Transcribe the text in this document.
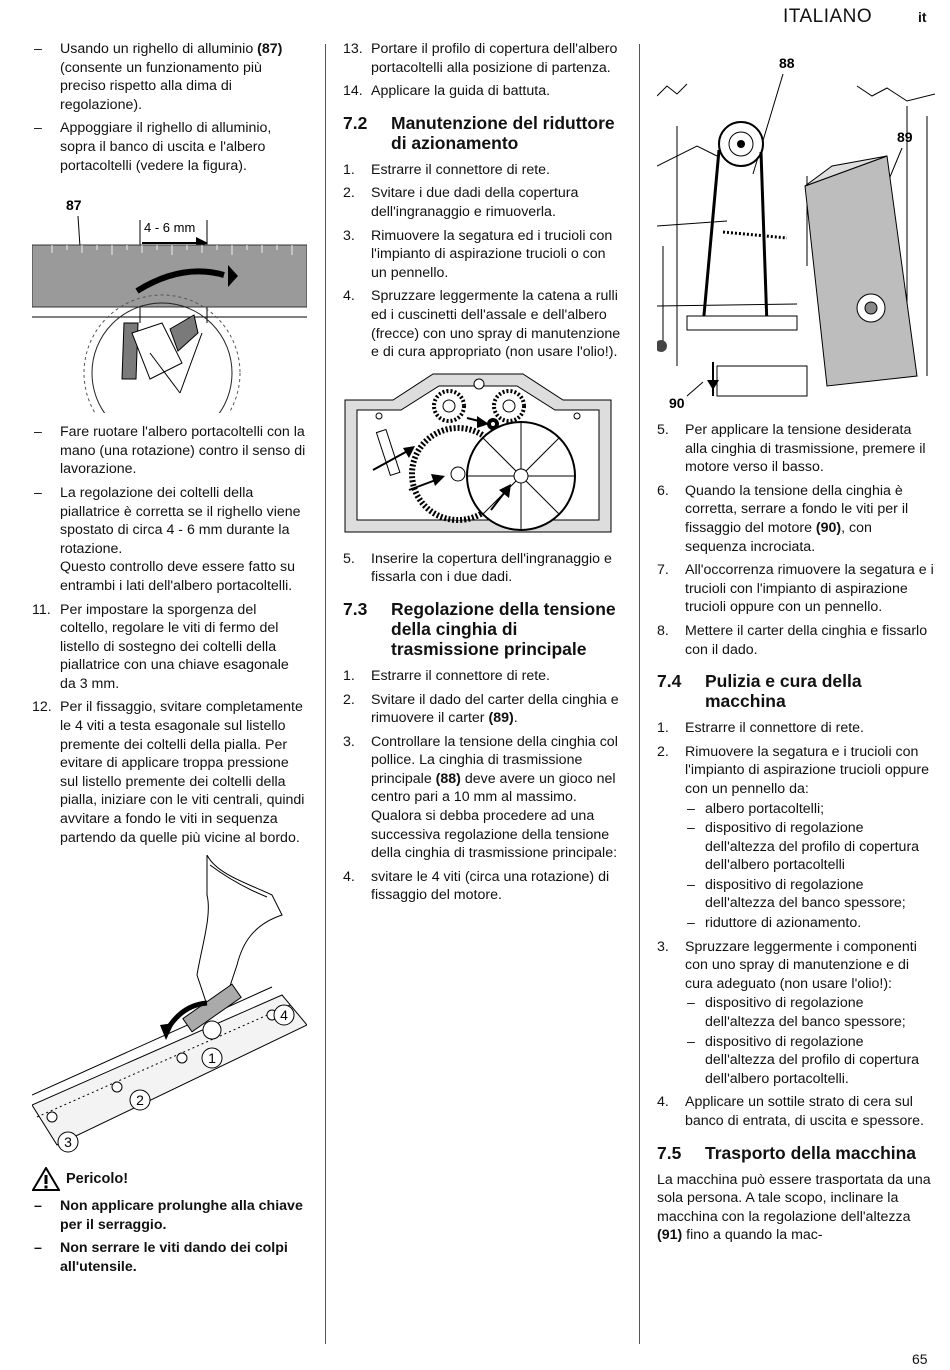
ITALIANO	it
–	Usando un righello di alluminio (87) (consente un funzionamento più preciso rispetto alla dima di regolazione).
–	Appoggiare il righello di alluminio, sopra il banco di uscita e l'albero portacoltelli (vedere la figura).
87
4 - 6 mm
–	Fare ruotare l'albero portacoltelli con la mano (una rotazione) contro il senso di lavorazione.
–	La regolazione dei coltelli della piallatrice è corretta se il righello viene spostato di circa 4 - 6 mm durante la rotazione.
Questo controllo deve essere fatto su entrambi i lati dell'albero portacoltelli.
11. Per impostare la sporgenza del coltello, regolare le viti di fermo del listello di sostegno dei coltelli della piallatrice con una chiave esagonale da 3 mm.
12. Per il fissaggio, svitare completamente le 4 viti a testa esagonale sul listello premente dei coltelli della pialla. Per evitare di applicare troppa pressione sul listello premente dei coltelli della pialla, iniziare con le viti centrali, quindi avvitare a fondo le viti in sequenza partendo da quelle più vicine al bordo.
1
2
3
4
Pericolo!
–	Non applicare prolunghe alla chiave per il serraggio.
–	Non serrare le viti dando dei colpi all'utensile.
13. Portare il profilo di copertura dell'albero portacoltelli alla posizione di partenza.
14. Applicare la guida di battuta.
7.2 Manutenzione del riduttore di azionamento
1.	Estrarre il connettore di rete.
2.	Svitare i due dadi della copertura dell'ingranaggio e rimuoverla.
3.	Rimuovere la segatura ed i trucioli con l'impianto di aspirazione trucioli o con un pennello.
4.	Spruzzare leggermente la catena a rulli ed i cuscinetti dell'assale e dell'albero (frecce) con uno spray di manutenzione e di cura appropriato (non usare l'olio!).
5.	Inserire la copertura dell'ingranaggio e fissarla con i due dadi.
7.3 Regolazione della tensione della cinghia di trasmissione principale
1.	Estrarre il connettore di rete.
2.	Svitare il dado del carter della cinghia e rimuovere il carter (89).
3.	Controllare la tensione della cinghia col pollice. La cinghia di trasmissione principale (88) deve avere un gioco nel centro pari a 10 mm al massimo.
Qualora si debba procedere ad una successiva regolazione della tensione della cinghia di trasmissione principale:
4.	svitare le 4 viti (circa una rotazione) di fissaggio del motore.
88
89
90
5.	Per applicare la tensione desiderata alla cinghia di trasmissione, premere il motore verso il basso.
6.	Quando la tensione della cinghia è corretta, serrare a fondo le viti per il fissaggio del motore (90), con sequenza incrociata.
7.	All'occorrenza rimuovere la segatura e i trucioli con l'impianto di aspirazione trucioli oppure con un pennello.
8.	Mettere il carter della cinghia e fissarlo con il dado.
7.4 Pulizia e cura della macchina
1.	Estrarre il connettore di rete.
2.	Rimuovere la segatura e i trucioli con l'impianto di aspirazione trucioli oppure con un pennello da:
– albero portacoltelli;
– dispositivo di regolazione dell'altezza del profilo di copertura dell'albero portacoltelli
– dispositivo di regolazione dell'altezza del banco spessore;
– riduttore di azionamento.
3.	Spruzzare leggermente i componenti con uno spray di manutenzione e di cura adeguato (non usare l'olio!):
– dispositivo di regolazione dell'altezza del banco spessore;
– dispositivo di regolazione dell'altezza del profilo di copertura dell'albero portacoltelli.
4.	Applicare un sottile strato di cera sul banco di entrata, di uscita e spessore.
7.5 Trasporto della macchina

La macchina può essere trasportata da una sola persona. A tale scopo, inclinare la macchina con la regolazione dell'altezza (91) fino a quando la mac-

65
